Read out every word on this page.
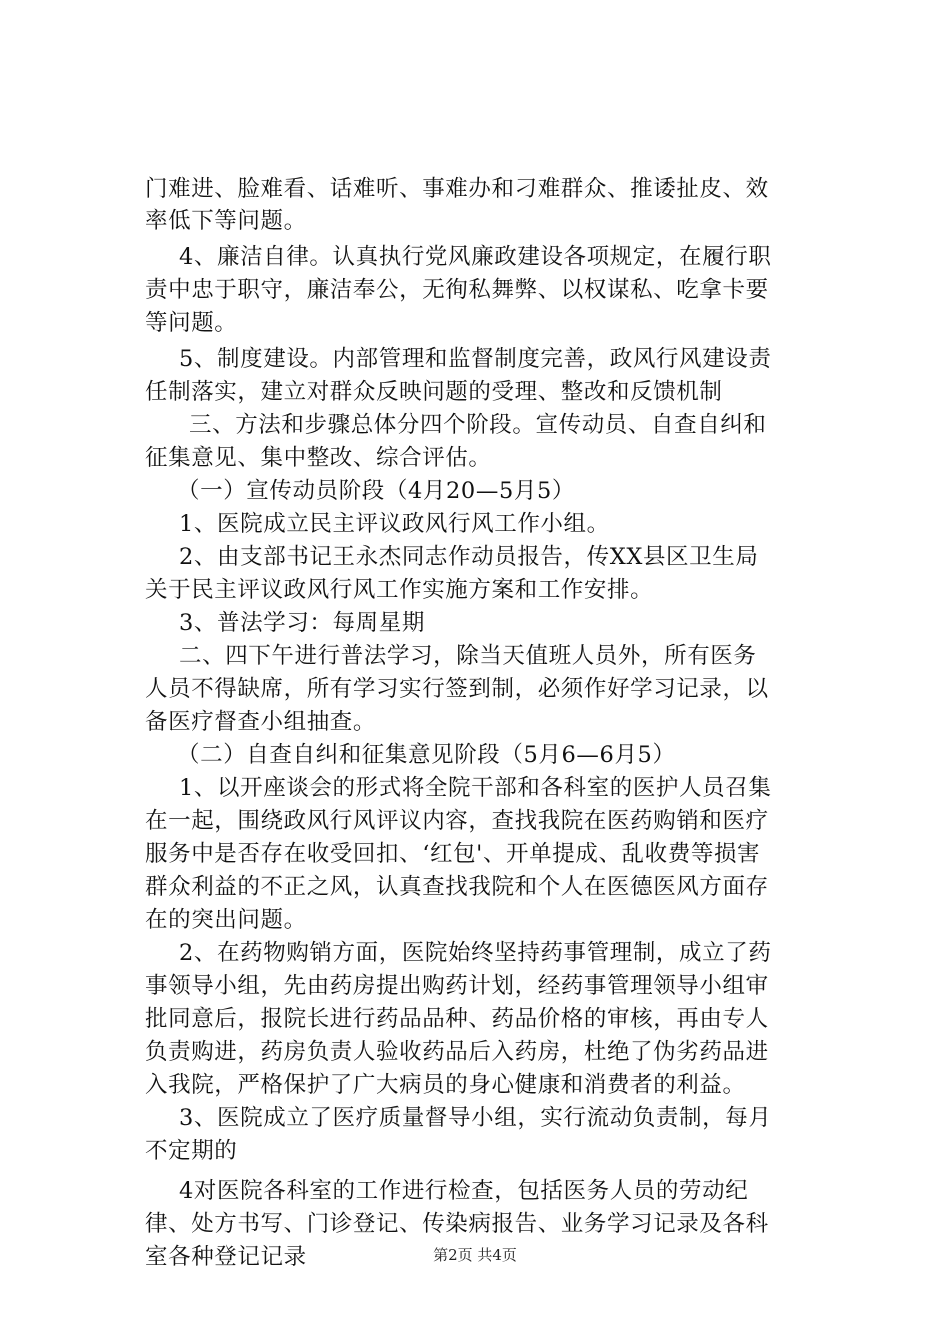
门难进、脸难看、话难听、事难办和刁难群众、推诿扯皮、效
率低下等问题。
4、廉洁自律。认真执行党风廉政建设各项规定，在履行职
责中忠于职守，廉洁奉公，无徇私舞弊、以权谋私、吃拿卡要
等问题。
5、制度建设。内部管理和监督制度完善，政风行风建设责
任制落实，建立对群众反映问题的受理、整改和反馈机制
三、方法和步骤总体分四个阶段。宣传动员、自查自纠和
征集意见、集中整改、综合评估。
（一）宣传动员阶段（4月20—5月5）
1、医院成立民主评议政风行风工作小组。
2、由支部书记王永杰同志作动员报告，传XX县区卫生局
关于民主评议政风行风工作实施方案和工作安排。
3、普法学习：每周星期
二、四下午进行普法学习，除当天值班人员外，所有医务
人员不得缺席，所有学习实行签到制，必须作好学习记录，以
备医疗督查小组抽查。
（二）自查自纠和征集意见阶段（5月6—6月5）
1、以开座谈会的形式将全院干部和各科室的医护人员召集
在一起，围绕政风行风评议内容，查找我院在医药购销和医疗
服务中是否存在收受回扣、‘红包'、开单提成、乱收费等损害
群众利益的不正之风，认真查找我院和个人在医德医风方面存
在的突出问题。
2、在药物购销方面，医院始终坚持药事管理制，成立了药
事领导小组，先由药房提出购药计划，经药事管理领导小组审
批同意后，报院长进行药品品种、药品价格的审核，再由专人
负责购进，药房负责人验收药品后入药房，杜绝了伪劣药品进
入我院，严格保护了广大病员的身心健康和消费者的利益。
3、医院成立了医疗质量督导小组，实行流动负责制，每月
不定期的
4对医院各科室的工作进行检查，包括医务人员的劳动纪
律、处方书写、门诊登记、传染病报告、业务学习记录及各科
室各种登记记录	第2页 共4页
